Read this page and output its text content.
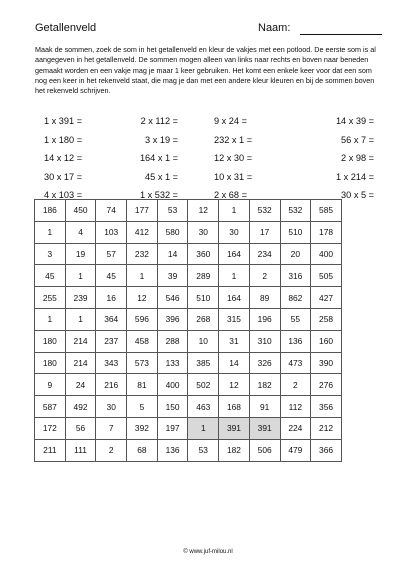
Getallenveld	Naam:

Maak de sommen, zoek de som in het getallenveld en kleur de vakjes met een potlood. De eerste som is al aangegeven in het getallenveld. De sommen mogen alleen van links naar rechts en boven naar beneden gemaakt worden en een vakje mag je maar 1 keer gebruiken. Het komt een enkele keer voor dat een som nog een keer in het rekenveld staat, die mag je dan met een andere kleur kleuren en bij de sommen boven het rekenveld schrijven.

1 x 391 =	2 x 112 =	9 x 24 =	14 x 39 =
1 x 180 =	3 x 19 =	232 x 1 =	56 x 7 =
14 x 12 =	164 x 1 =	12 x 30 =	2 x 98 =
30 x 17 =	45 x 1 =	10 x 31 =	1 x 214 =
4 x 103 =	1 x 532 =	2 x 68 =	30 x 5 =
186	450	74	177	53	12	1	532	532	585
1	4	103	412	580	30	30	17	510	178
3	19	57	232	14	360	164	234	20	400
45	1	45	1	39	289	1	2	316	505
255	239	16	12	546	510	164	89	862	427
1	1	364	596	396	268	315	196	55	258
180	214	237	458	288	10	31	310	136	160
180	214	343	573	133	385	14	326	473	390
9	24	216	81	400	502	12	182	2	276
587	492	30	5	150	463	168	91	112	356
172	56	7	392	197	1	391	391	224	212
211	111	2	68	136	53	182	506	479	366
© www.juf-milou.nl
